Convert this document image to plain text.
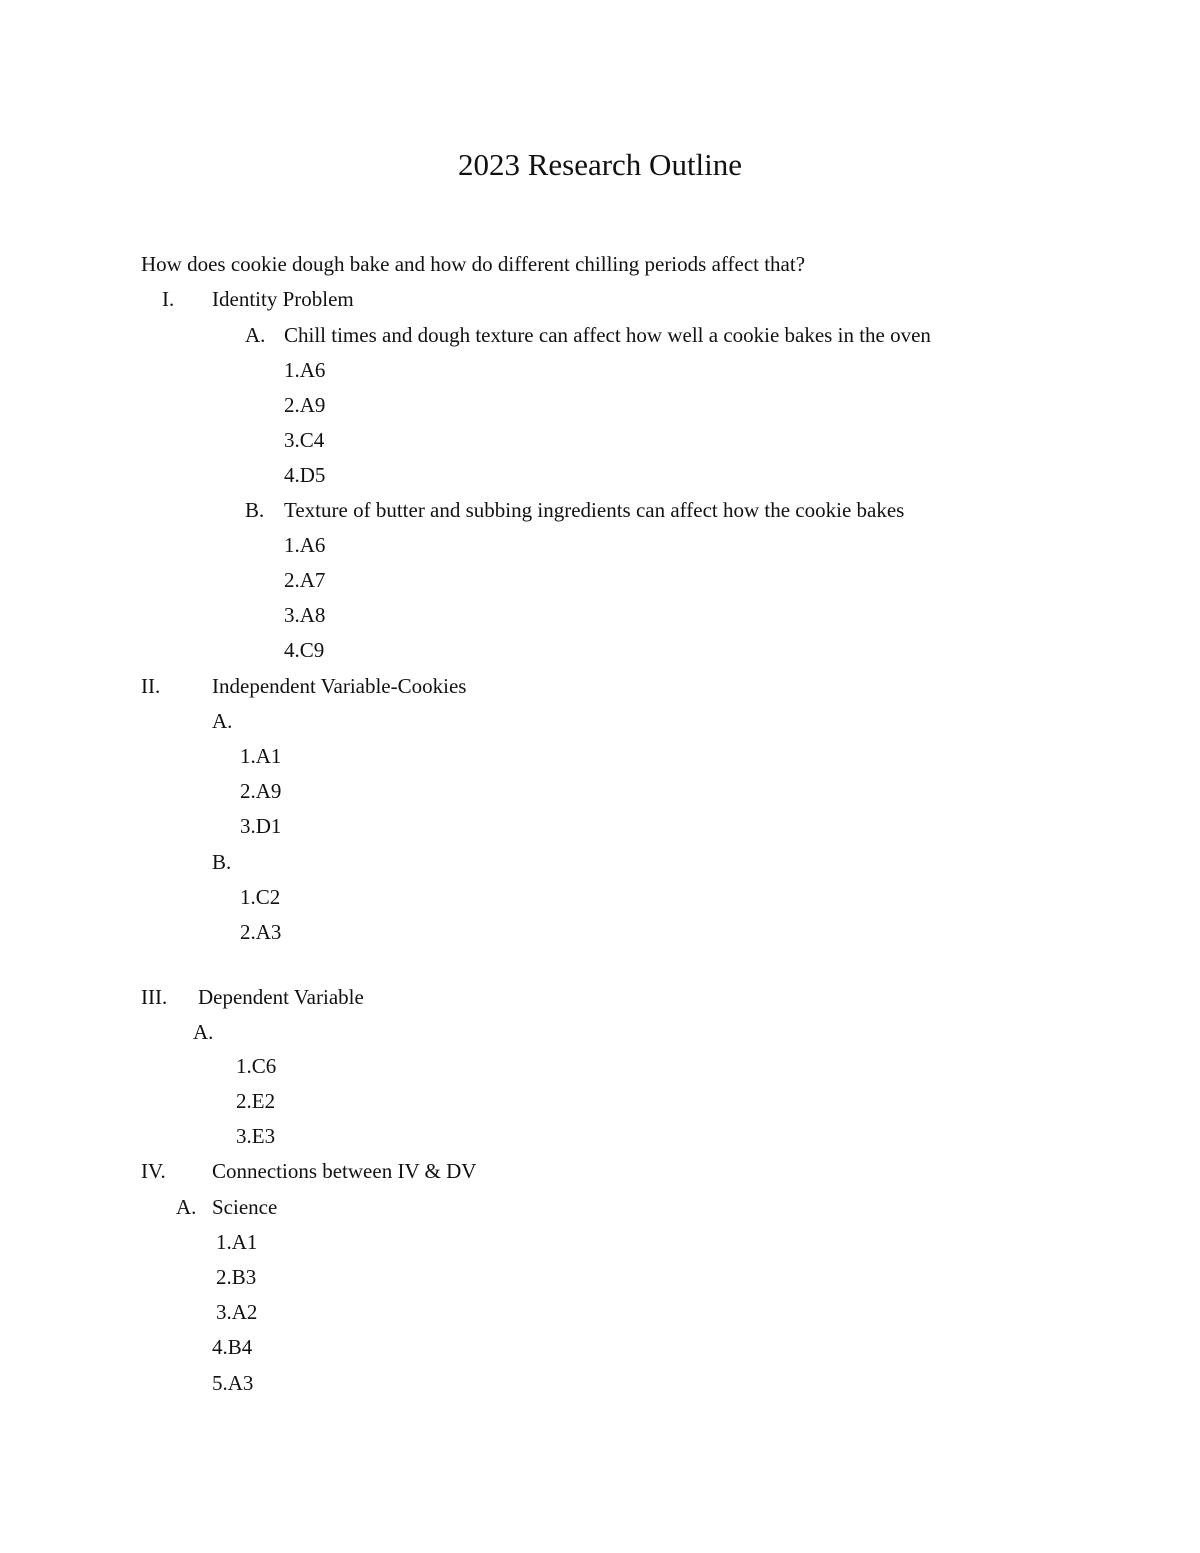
2023 Research Outline
How does cookie dough bake and how do different chilling periods affect that?
I. Identity Problem
A. Chill times and dough texture can affect how well a cookie bakes in the oven
1.A6
2.A9
3.C4
4.D5
B. Texture of butter and subbing ingredients can affect how the cookie bakes
1.A6
2.A7
3.A8
4.C9
II. Independent Variable-Cookies
A.
1.A1
2.A9
3.D1
B.
1.C2
2.A3
III. Dependent Variable
A.
1.C6
2.E2
3.E3
IV. Connections between IV & DV
A. Science
1.A1
2.B3
3.A2
4.B4
5.A3
